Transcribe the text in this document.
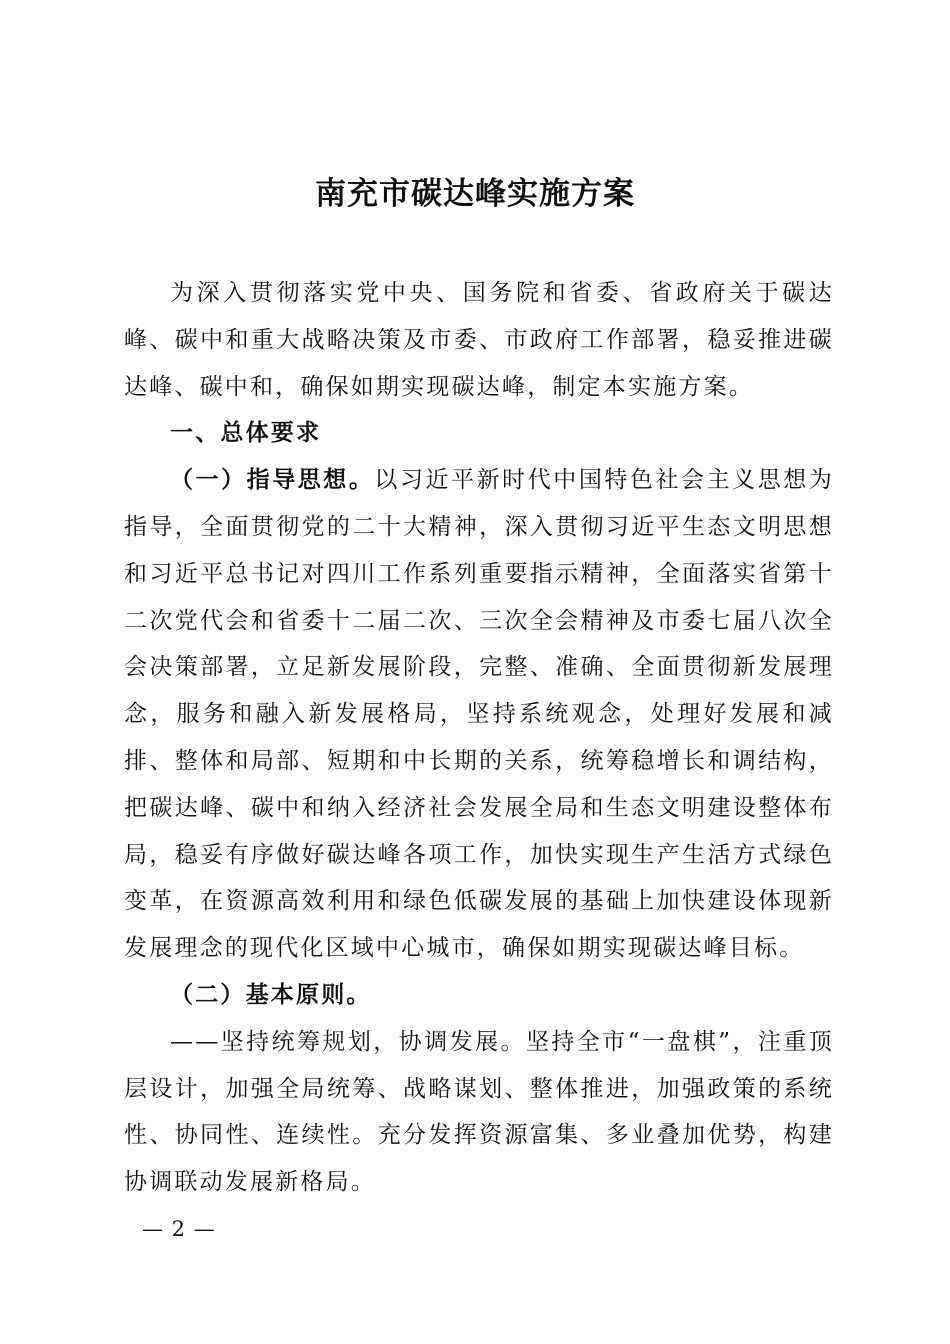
南充市碳达峰实施方案

为深入贯彻落实党中央、国务院和省委、省政府关于碳达峰、碳中和重大战略决策及市委、市政府工作部署，稳妥推进碳达峰、碳中和，确保如期实现碳达峰，制定本实施方案。

一、总体要求

（一）指导思想。以习近平新时代中国特色社会主义思想为指导，全面贯彻党的二十大精神，深入贯彻习近平生态文明思想和习近平总书记对四川工作系列重要指示精神，全面落实省第十二次党代会和省委十二届二次、三次全会精神及市委七届八次全会决策部署，立足新发展阶段，完整、准确、全面贯彻新发展理念，服务和融入新发展格局，坚持系统观念，处理好发展和减排、整体和局部、短期和中长期的关系，统筹稳增长和调结构，把碳达峰、碳中和纳入经济社会发展全局和生态文明建设整体布局，稳妥有序做好碳达峰各项工作，加快实现生产生活方式绿色变革，在资源高效利用和绿色低碳发展的基础上加快建设体现新发展理念的现代化区域中心城市，确保如期实现碳达峰目标。

（二）基本原则。

——坚持统筹规划，协调发展。坚持全市“一盘棋”，注重顶层设计，加强全局统筹、战略谋划、整体推进，加强政策的系统性、协同性、连续性。充分发挥资源富集、多业叠加优势，构建协调联动发展新格局。

— 2 —
